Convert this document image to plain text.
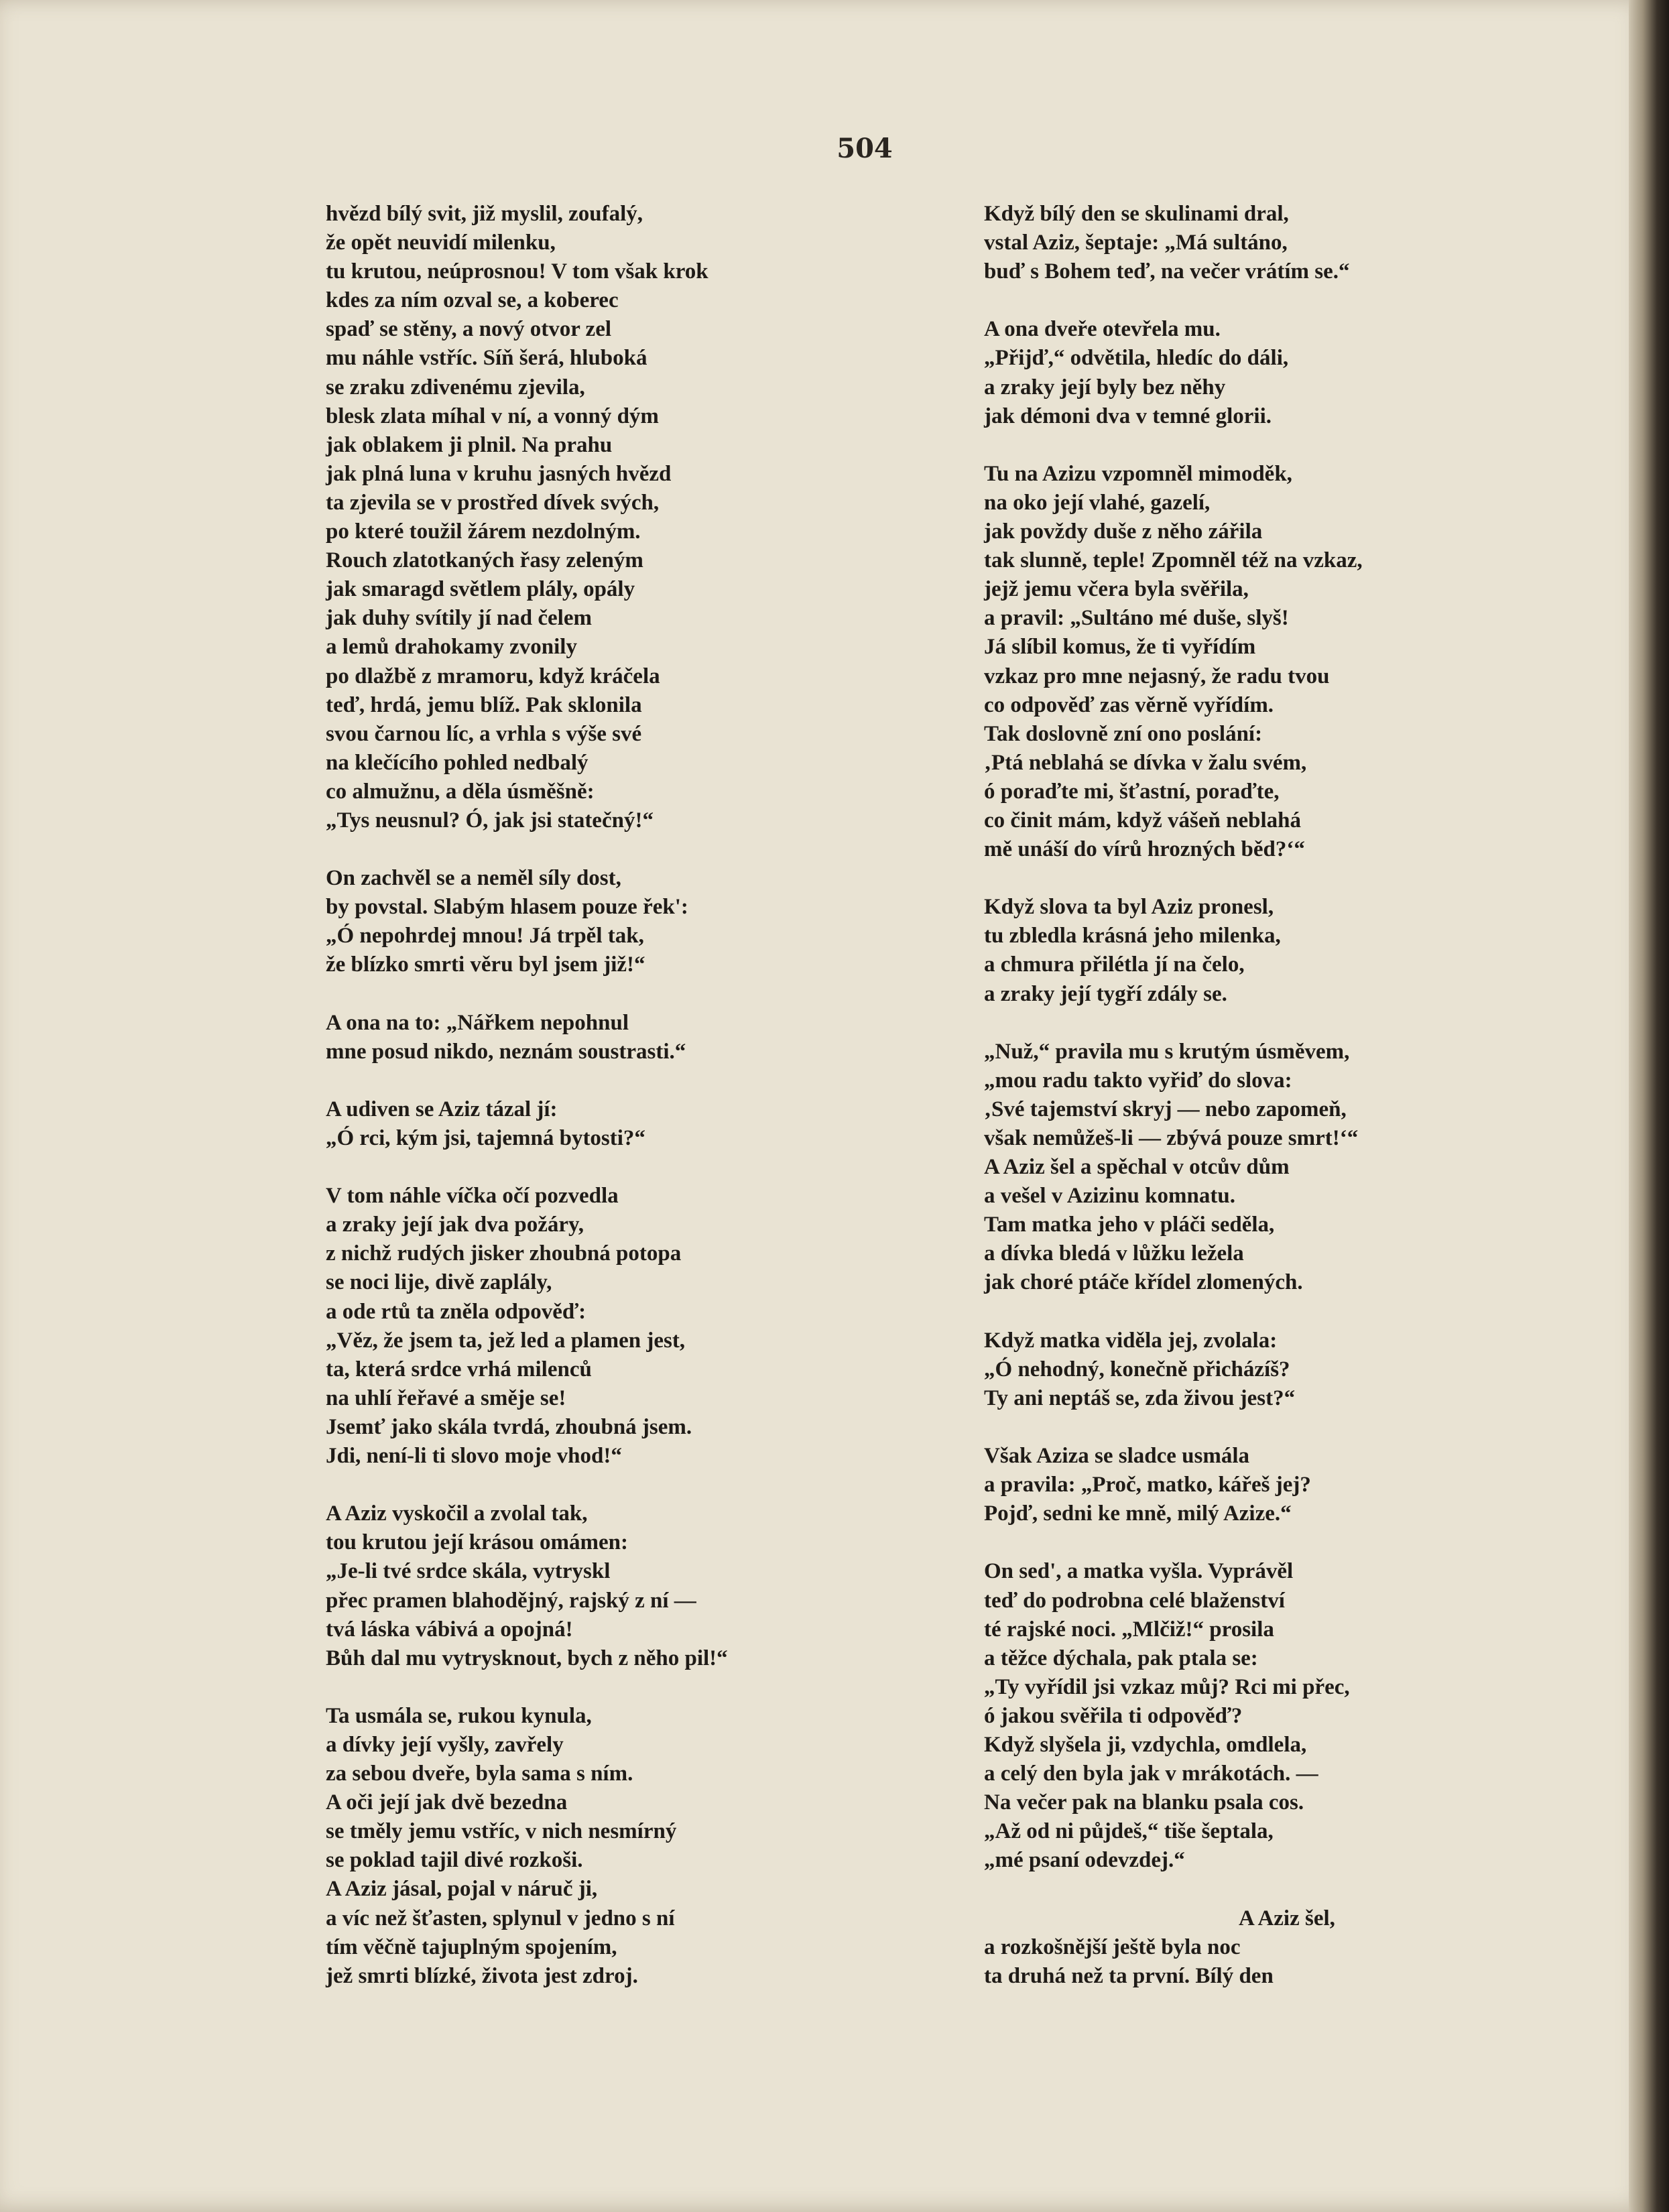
504
hvězd bílý svit, již myslil, zoufalý,
že opět neuvidí milenku,
tu krutou, neúprosnou! V tom však krok
kdes za ním ozval se, a koberec
spaď se stěny, a nový otvor zel
mu náhle vstříc. Síň šerá, hluboká
se zraku zdivenému zjevila,
blesk zlata míhal v ní, a vonný dým
jak oblakem ji plnil. Na prahu
jak plná luna v kruhu jasných hvězd
ta zjevila se v prostřed dívek svých,
po které toužil žárem nezdolným.
Rouch zlatotkaných řasy zeleným
jak smaragd světlem plály, opály
jak duhy svítily jí nad čelem
a lemů drahokamy zvonily
po dlažbě z mramoru, když kráčela
teď, hrdá, jemu blíž. Pak sklonila
svou čarnou líc, a vrhla s výše své
na klečícího pohled nedbalý
co almužnu, a děla úsměšně:
„Tys neusnul? Ó, jak jsi statečný!“
On zachvěl se a neměl síly dost,
by povstal. Slabým hlasem pouze řek':
„Ó nepohrdej mnou! Já trpěl tak,
že blízko smrti věru byl jsem již!“
A ona na to: „Nářkem nepohnul
mne posud nikdo, neznám soustrasti.“
A udiven se Aziz tázal jí:
„Ó rci, kým jsi, tajemná bytosti?“
V tom náhle víčka očí pozvedla
a zraky její jak dva požáry,
z nichž rudých jisker zhoubná potopa
se noci lije, divě zaplály,
a ode rtů ta zněla odpověď:
„Věz, že jsem ta, jež led a plamen jest,
ta, která srdce vrhá milenců
na uhlí řeřavé a směje se!
Jsemť jako skála tvrdá, zhoubná jsem.
Jdi, není-li ti slovo moje vhod!“
A Aziz vyskočil a zvolal tak,
tou krutou její krásou omámen:
„Je-li tvé srdce skála, vytryskl
přec pramen blahodějný, rajský z ní —
tvá láska vábivá a opojná!
Bůh dal mu vytrysknout, bych z něho pil!“
Ta usmála se, rukou kynula,
a dívky její vyšly, zavřely
za sebou dveře, byla sama s ním.
A oči její jak dvě bezedna
se tměly jemu vstříc, v nich nesmírný
se poklad tajil divé rozkoši.
A Aziz jásal, pojal v náruč ji,
a víc než šťasten, splynul v jedno s ní
tím věčně tajuplným spojením,
jež smrti blízké, života jest zdroj.
Když bílý den se skulinami dral,
vstal Aziz, šeptaje: „Má sultáno,
buď s Bohem teď, na večer vrátím se.“
A ona dveře otevřela mu.
„Přijď,“ odvětila, hledíc do dáli,
a zraky její byly bez něhy
jak démoni dva v temné glorii.
Tu na Azizu vzpomněl mimoděk,
na oko její vlahé, gazelí,
jak povždy duše z něho zářila
tak slunně, teple! Zpomněl též na vzkaz,
jejž jemu včera byla svěřila,
a pravil: „Sultáno mé duše, slyš!
Já slíbil komus, že ti vyřídím
vzkaz pro mne nejasný, že radu tvou
co odpověď zas věrně vyřídím.
Tak doslovně zní ono poslání:
‚Ptá neblahá se dívka v žalu svém,
ó poraďte mi, šťastní, poraďte,
co činit mám, když vášeň neblahá
mě unáší do vírů hrozných běd?‘“
Když slova ta byl Aziz pronesl,
tu zbledla krásná jeho milenka,
a chmura přilétla jí na čelo,
a zraky její tygří zdály se.
„Nuž,“ pravila mu s krutým úsměvem,
„mou radu takto vyřiď do slova:
‚Své tajemství skryj — nebo zapomeň,
však nemůžeš-li — zbývá pouze smrt!‘“
A Aziz šel a spěchal v otcův dům
a vešel v Azizinu komnatu.
Tam matka jeho v pláči seděla,
a dívka bledá v lůžku ležela
jak choré ptáče křídel zlomených.
Když matka viděla jej, zvolala:
„Ó nehodný, konečně přicházíš?
Ty ani neptáš se, zda živou jest?“
Však Aziza se sladce usmála
a pravila: „Proč, matko, kářeš jej?
Pojď, sedni ke mně, milý Azize.“
On sed', a matka vyšla. Vyprávěl
teď do podrobna celé blaženství
té rajské noci. „Mlčiž!“ prosila
a těžce dýchala, pak ptala se:
„Ty vyřídil jsi vzkaz můj? Rci mi přec,
ó jakou svěřila ti odpověď?
Když slyšela ji, vzdychla, omdlela,
a celý den byla jak v mrákotách. —
Na večer pak na blanku psala cos.
„Až od ni půjdeš,“ tiše šeptala,
„mé psaní odevzdej.“
A Aziz šel,
a rozkošnější ještě byla noc
ta druhá než ta první. Bílý den
